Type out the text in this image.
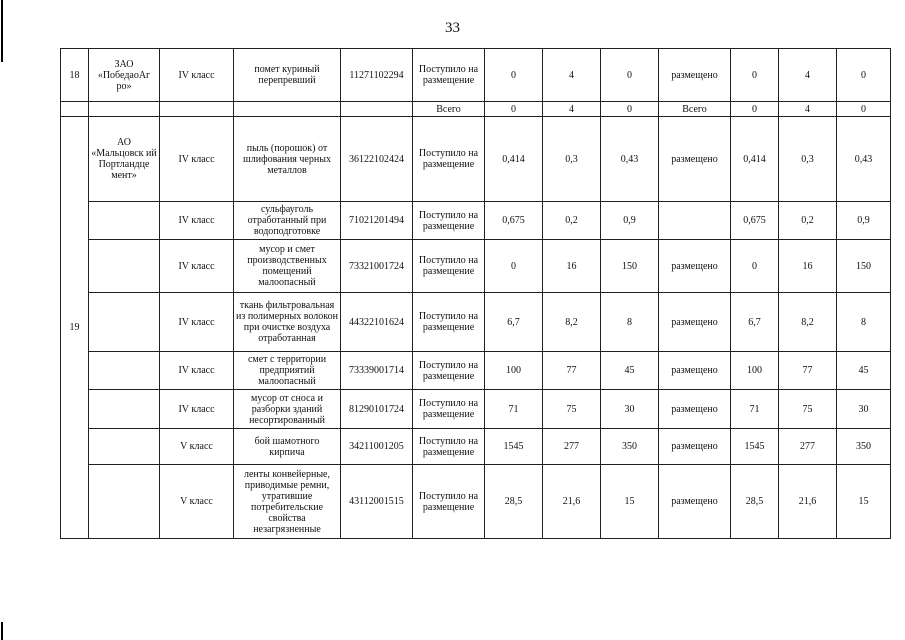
33
18	ЗАО «ПобедаоАг ро»	IV класс	помет куриный перепревший	11271102294	Поступило на размещение	0	4	0	размещено	0	4	0
					Всего	0	4	0	Всего	0	4	0
19	АО «Мальцовск ий Портландце мент»	IV класс	пыль (порошок) от шлифования черных металлов	36122102424	Поступило на размещение	0,414	0,3	0,43	размещено	0,414	0,3	0,43
		IV класс	сульфауголь отработанный при водоподготовке	71021201494	Поступило на размещение	0,675	0,2	0,9		0,675	0,2	0,9
		IV класс	мусор и смет производственных помещений малоопасный	73321001724	Поступило на размещение	0	16	150	размещено	0	16	150
		IV класс	ткань фильтровальная из полимерных волокон при очистке воздуха отработанная	44322101624	Поступило на размещение	6,7	8,2	8	размещено	6,7	8,2	8
		IV класс	смет с территории предприятий малоопасный	73339001714	Поступило на размещение	100	77	45	размещено	100	77	45
		IV класс	мусор от сноса и разборки зданий несортированный	81290101724	Поступило на размещение	71	75	30	размещено	71	75	30
		V класс	бой шамотного кирпича	34211001205	Поступило на размещение	1545	277	350	размещено	1545	277	350
		V класс	ленты конвейерные, приводимые ремни, утратившие потребительские свойства незагрязненные	43112001515	Поступило на размещение	28,5	21,6	15	размещено	28,5	21,6	15
